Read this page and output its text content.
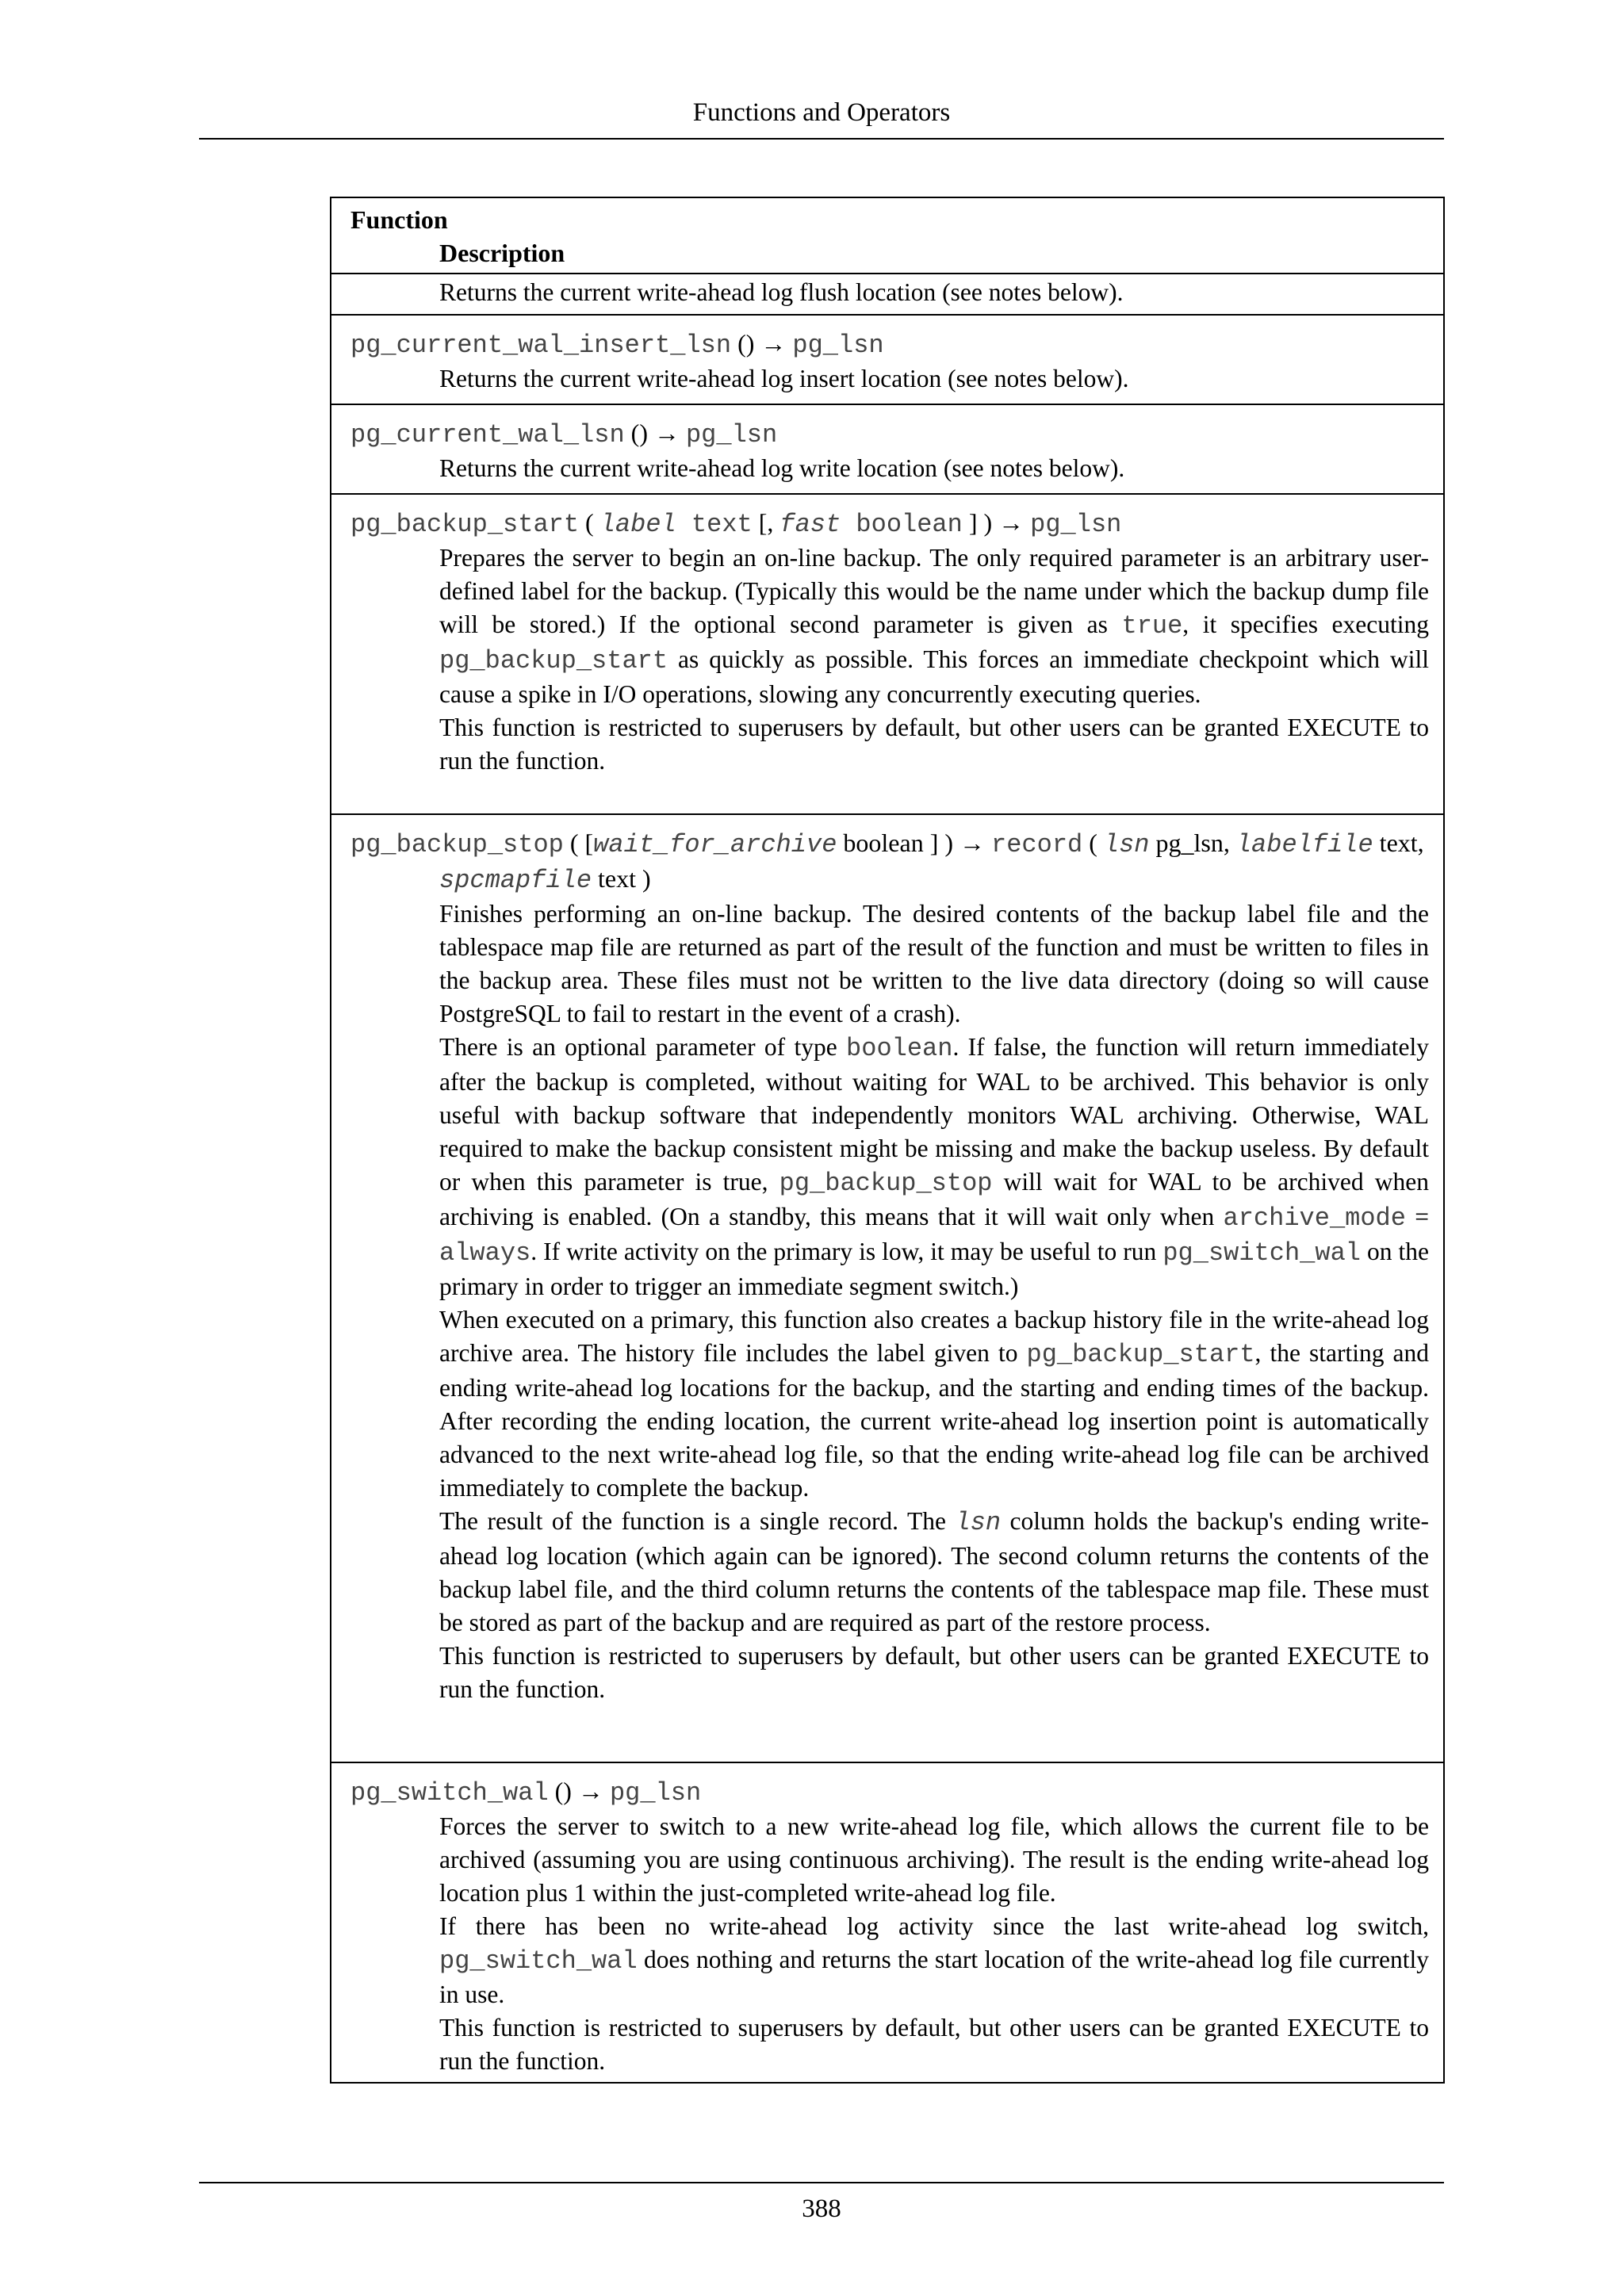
Functions and Operators
Function
Description

Returns the current write-ahead log flush location (see notes below).

pg_current_wal_insert_lsn () → pg_lsn

Returns the current write-ahead log insert location (see notes below).

pg_current_wal_lsn () → pg_lsn

Returns the current write-ahead log write location (see notes below).

pg_backup_start ( label text [, fast boolean ] ) → pg_lsn

Prepares the server to begin an on-line backup. The only required parameter is an arbitrary user-defined label for the backup. (Typically this would be the name under which the backup dump file will be stored.) If the optional second parameter is given as true, it specifies executing pg_backup_start as quickly as possible. This forces an immediate checkpoint which will cause a spike in I/O operations, slowing any concurrently executing queries.

This function is restricted to superusers by default, but other users can be granted EXECUTE to run the function.

pg_backup_stop ( [wait_for_archive boolean ] ) → record ( lsn pg_lsn, labelfile text, spcmapfile text )

Finishes performing an on-line backup. The desired contents of the backup label file and the tablespace map file are returned as part of the result of the function and must be written to files in the backup area. These files must not be written to the live data directory (doing so will cause PostgreSQL to fail to restart in the event of a crash).

There is an optional parameter of type boolean. If false, the function will return immediately after the backup is completed, without waiting for WAL to be archived. This behavior is only useful with backup software that independently monitors WAL archiving. Otherwise, WAL required to make the backup consistent might be missing and make the backup useless. By default or when this parameter is true, pg_backup_stop will wait for WAL to be archived when archiving is enabled. (On a standby, this means that it will wait only when archive_mode = always. If write activity on the primary is low, it may be useful to run pg_switch_wal on the primary in order to trigger an immediate segment switch.)

When executed on a primary, this function also creates a backup history file in the write-ahead log archive area. The history file includes the label given to pg_backup_start, the starting and ending write-ahead log locations for the backup, and the starting and ending times of the backup. After recording the ending location, the current write-ahead log insertion point is automatically advanced to the next write-ahead log file, so that the ending write-ahead log file can be archived immediately to complete the backup.

The result of the function is a single record. The lsn column holds the backup's ending write-ahead log location (which again can be ignored). The second column returns the contents of the backup label file, and the third column returns the contents of the tablespace map file. These must be stored as part of the backup and are required as part of the restore process.

This function is restricted to superusers by default, but other users can be granted EXECUTE to run the function.

pg_switch_wal () → pg_lsn

Forces the server to switch to a new write-ahead log file, which allows the current file to be archived (assuming you are using continuous archiving). The result is the ending write-ahead log location plus 1 within the just-completed write-ahead log file.

If there has been no write-ahead log activity since the last write-ahead log switch, pg_switch_wal does nothing and returns the start location of the write-ahead log file currently in use.

This function is restricted to superusers by default, but other users can be granted EXECUTE to run the function.

388
